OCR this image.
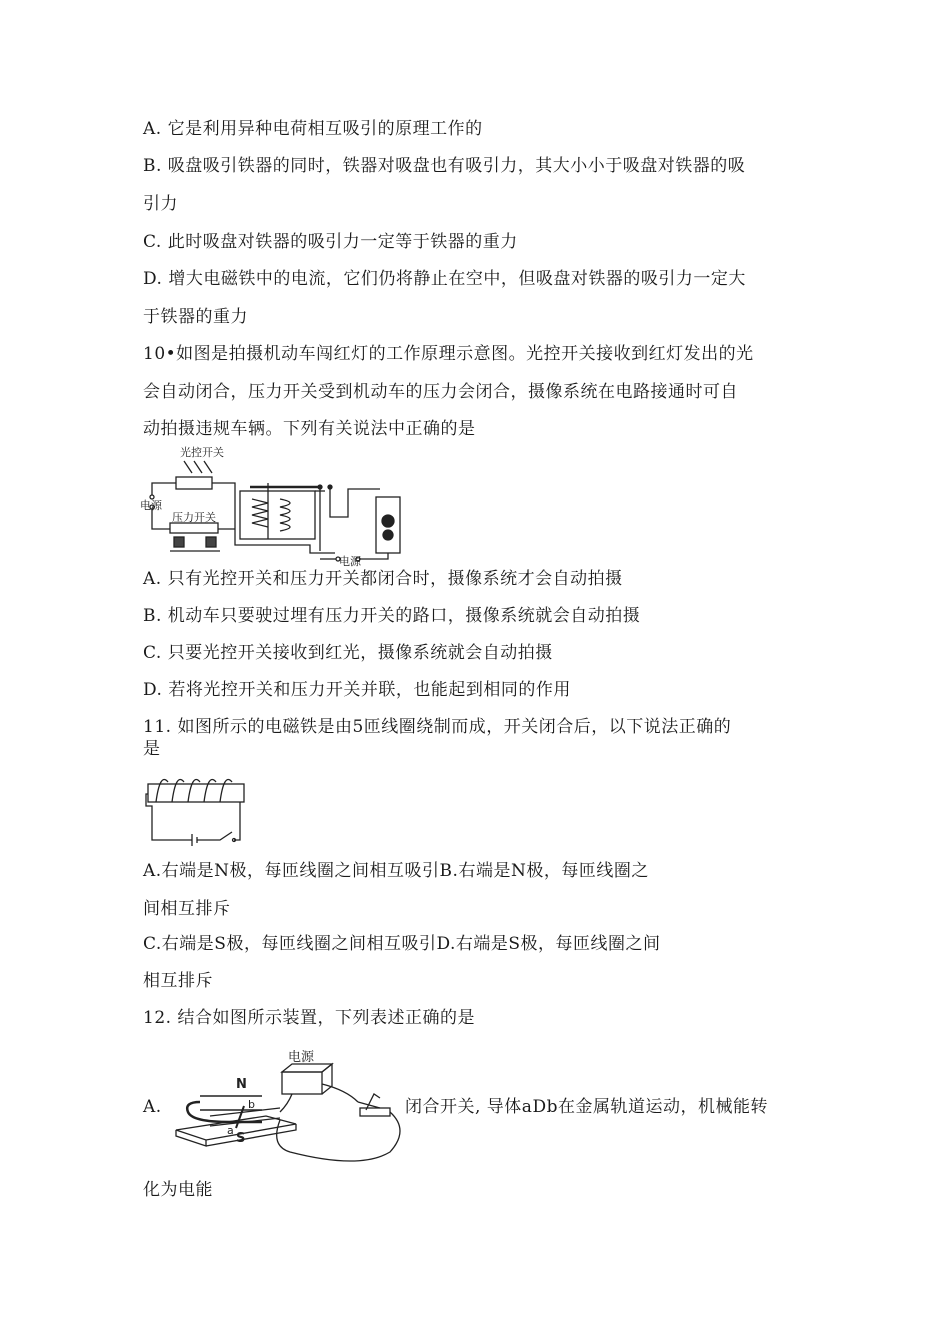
A. 它是利用异种电荷相互吸引的原理工作的
B. 吸盘吸引铁器的同时，铁器对吸盘也有吸引力，其大小小于吸盘对铁器的吸
引力
C. 此时吸盘对铁器的吸引力一定等于铁器的重力
D. 增大电磁铁中的电流，它们仍将静止在空中，但吸盘对铁器的吸引力一定大
于铁器的重力
10•如图是拍摄机动车闯红灯的工作原理示意图。光控开关接收到红灯发出的光
会自动闭合，压力开关受到机动车的压力会闭合，摄像系统在电路接通时可自
动拍摄违规车辆。下列有关说法中正确的是
光控开关
电源
压力开关
电源
A. 只有光控开关和压力开关都闭合时，摄像系统才会自动拍摄
B. 机动车只要驶过埋有压力开关的路口，摄像系统就会自动拍摄
C. 只要光控开关接收到红光，摄像系统就会自动拍摄
D. 若将光控开关和压力开关并联，也能起到相同的作用
11. 如图所示的电磁铁是由5匝线圈绕制而成，开关闭合后，以下说法正确的
是
A.右端是N极，每匝线圈之间相互吸引B.右端是N极，每匝线圈之
间相互排斥
C.右端是S极，每匝线圈之间相互吸引D.右端是S极，每匝线圈之间
相互排斥
12. 结合如图所示装置，下列表述正确的是
A.
电源
N
S
a
b	闭合开关, 导体aDb在金属轨道运动，机械能转
化为电能
